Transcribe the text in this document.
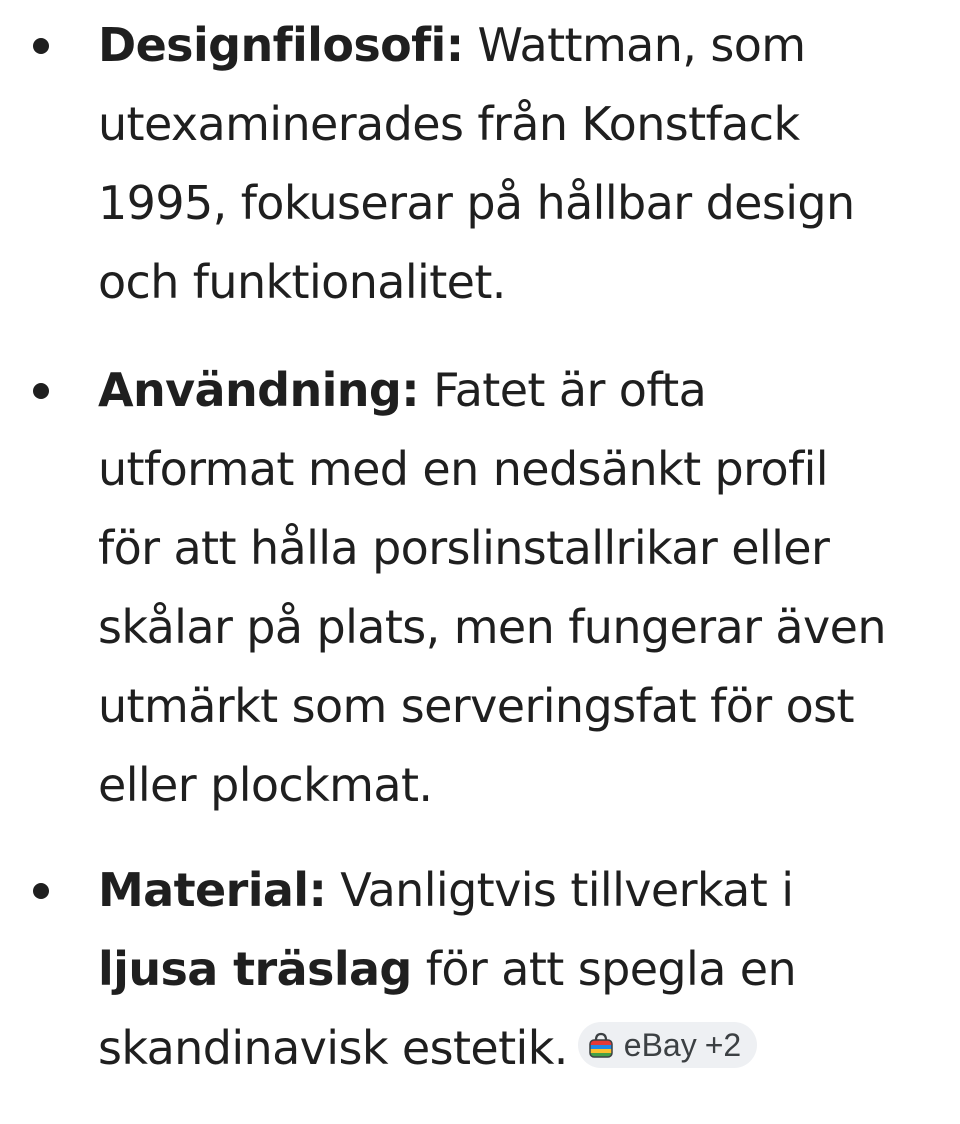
Designfilosofi: Wattman, som utexaminerades från Konstfack 1995, fokuserar på hållbar design och funktionalitet.

Användning: Fatet är ofta utformat med en nedsänkt profil för att hålla porslinstallrikar eller skålar på plats, men fungerar även utmärkt som serveringsfat för ost eller plockmat.

Material: Vanligtvis tillverkat i ljusa träslag för att spegla en skandinavisk estetik. eBay +2
